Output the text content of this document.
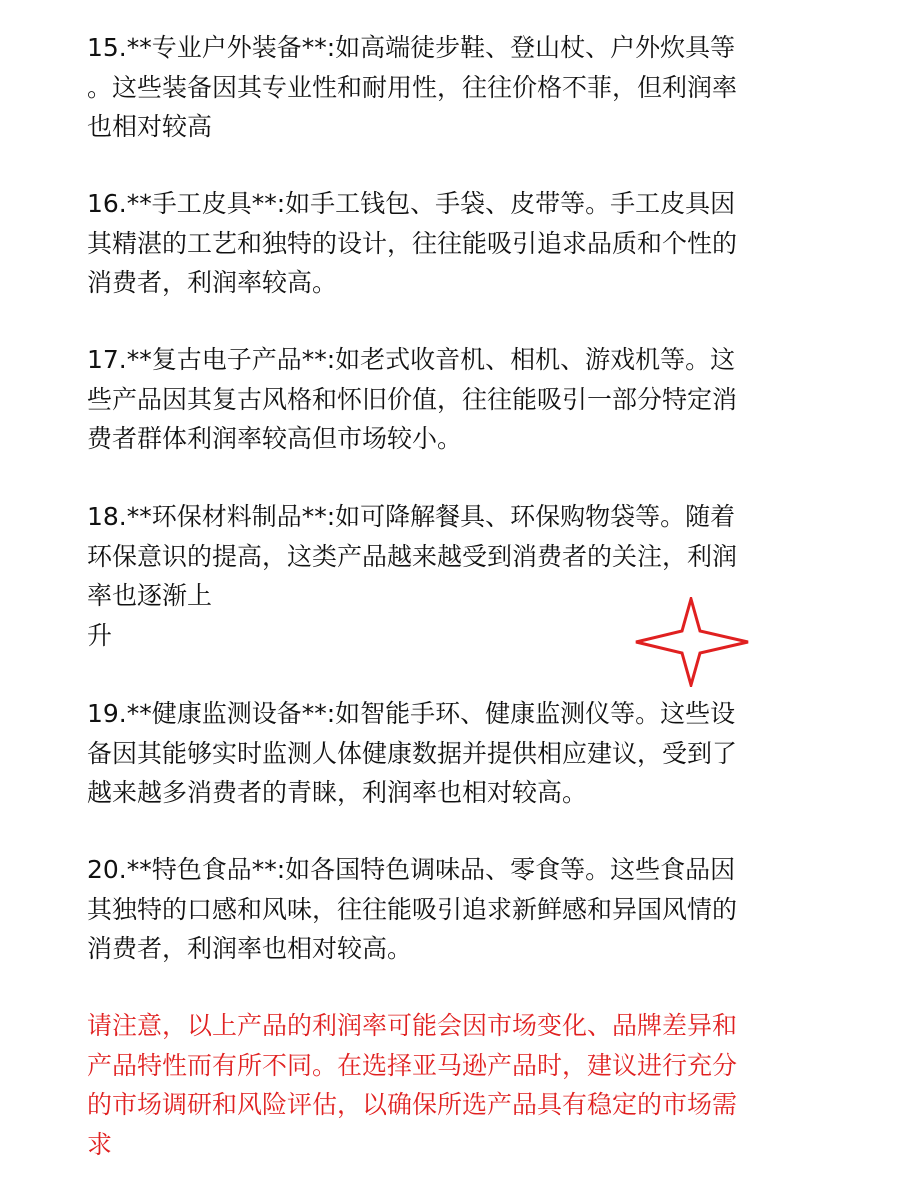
15.**专业户外装备**:如高端徒步鞋、登山杖、户外炊具等
。这些装备因其专业性和耐用性，往往价格不菲，但利润率
也相对较高
16.**手工皮具**:如手工钱包、手袋、皮带等。手工皮具因
其精湛的工艺和独特的设计，往往能吸引追求品质和个性的
消费者，利润率较高。
17.**复古电子产品**:如老式收音机、相机、游戏机等。这
些产品因其复古风格和怀旧价值，往往能吸引一部分特定消
费者群体利润率较高但市场较小。
18.**环保材料制品**:如可降解餐具、环保购物袋等。随着
环保意识的提高，这类产品越来越受到消费者的关注，利润
率也逐渐上
升
19.**健康监测设备**:如智能手环、健康监测仪等。这些设
备因其能够实时监测人体健康数据并提供相应建议，受到了
越来越多消费者的青睐，利润率也相对较高。
20.**特色食品**:如各国特色调味品、零食等。这些食品因
其独特的口感和风味，往往能吸引追求新鲜感和异国风情的
消费者，利润率也相对较高。
请注意，以上产品的利润率可能会因市场变化、品牌差异和
产品特性而有所不同。在选择亚马逊产品时，建议进行充分
的市场调研和风险评估，以确保所选产品具有稳定的市场需
求
